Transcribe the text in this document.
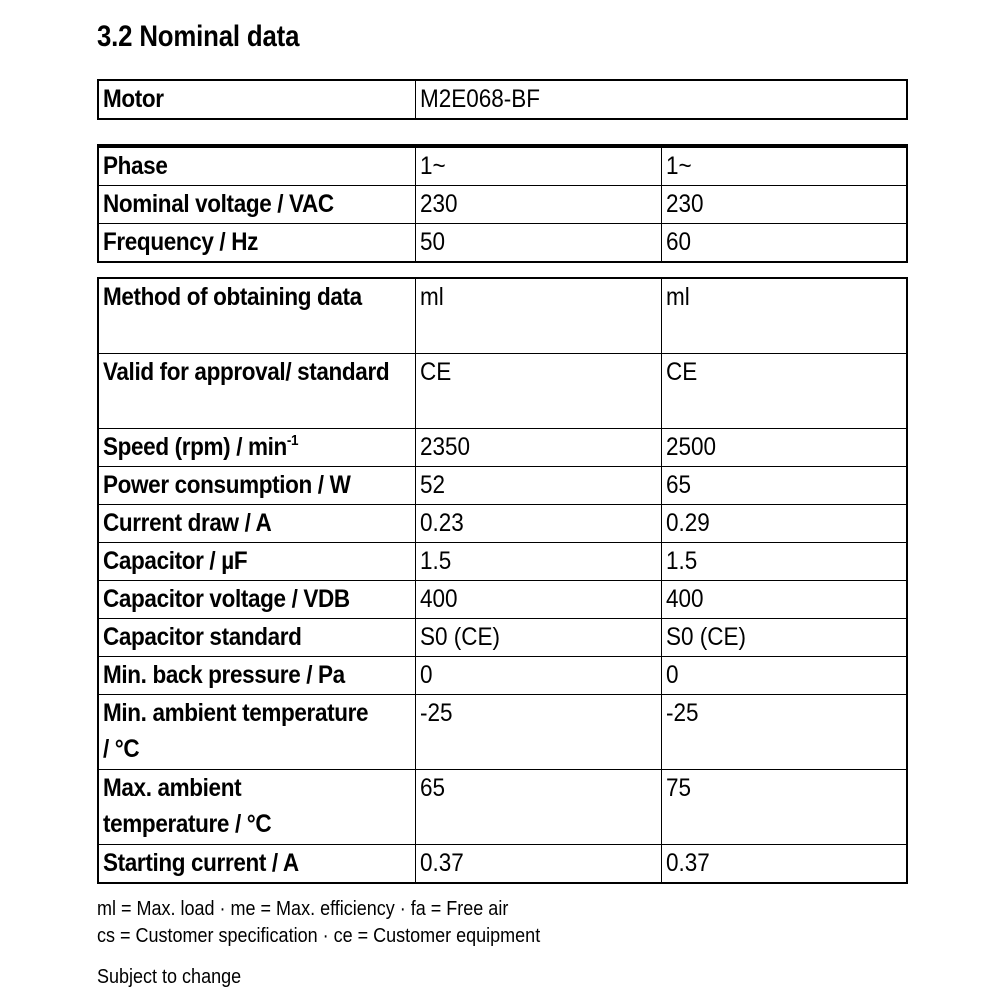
3.2 Nominal data
Motor	M2E068-BF
Phase	1~	1~
Nominal voltage / VAC	230	230
Frequency / Hz	50	60
Method of obtaining data	ml	ml
Valid for approval/ standard	CE	CE
Speed $(rpm) / \min^{-1}$	2350	2500
Power consumption / W	52	65
Current draw / A	0.23	0.29
Capacitor / µF	1.5	1.5
Capacitor voltage / VDB	400	400
Capacitor standard	S0 (CE)	S0 (CE)
Min. back pressure / Pa	0	0
Min. ambient temperature / °C	-25	-25
Max. ambient temperature / °C	65	75
Starting current / A	0.37	0.37
ml = Max. load · me = Max. efficiency · fa = Free air
cs = Customer specification · ce = Customer equipment
Subject to change
